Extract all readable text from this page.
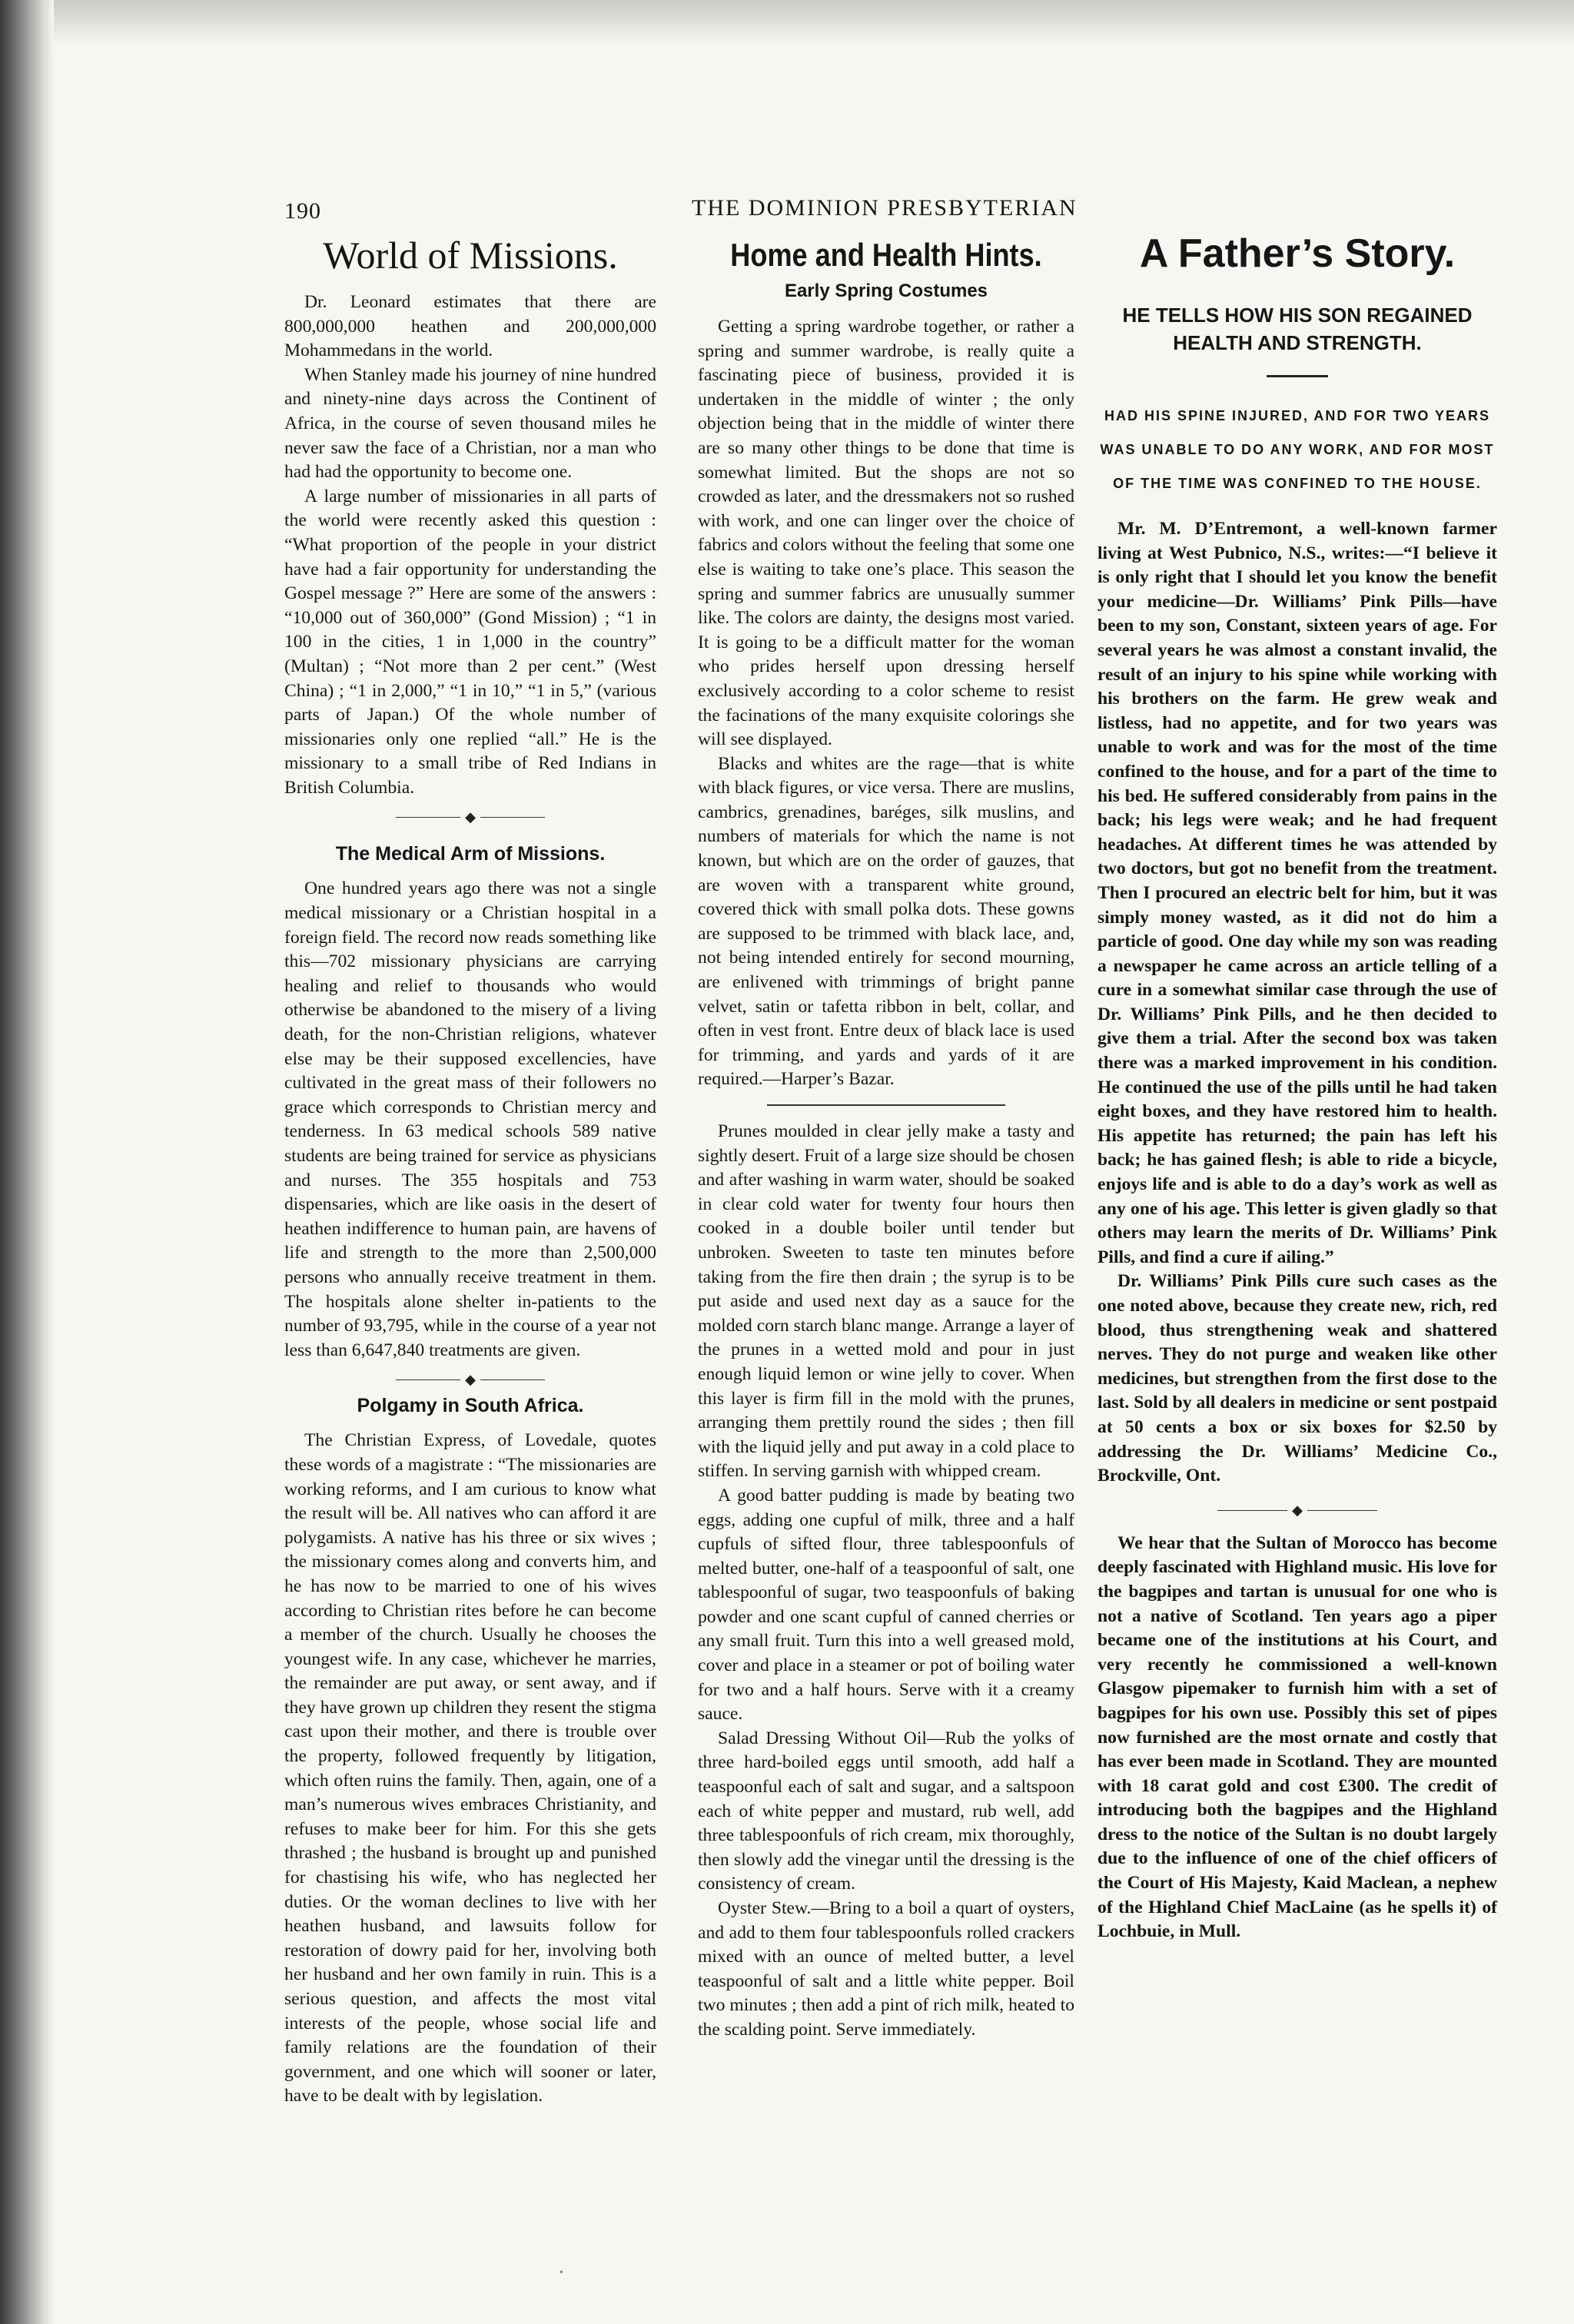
190	THE DOMINION PRESBYTERIAN
World of Missions.

Dr. Leonard estimates that there are 800,000,000 heathen and 200,000,000 Mohammedans in the world.

When Stanley made his journey of nine hundred and ninety-nine days across the Continent of Africa, in the course of seven thousand miles he never saw the face of a Christian, nor a man who had had the opportunity to become one.

A large number of missionaries in all parts of the world were recently asked this question : “What proportion of the people in your district have had a fair opportunity for understanding the Gospel message ?” Here are some of the answers : “10,000 out of 360,000” (Gond Mission) ; “1 in 100 in the cities, 1 in 1,000 in the country” (Multan) ; “Not more than 2 per cent.” (West China) ; “1 in 2,000,” “1 in 10,” “1 in 5,” (various parts of Japan.) Of the whole number of missionaries only one replied “all.” He is the missionary to a small tribe of Red Indians in British Columbia.

◆
The Medical Arm of Missions.

One hundred years ago there was not a single medical missionary or a Christian hospital in a foreign field. The record now reads something like this—702 missionary physicians are carrying healing and relief to thousands who would otherwise be abandoned to the misery of a living death, for the non-Christian religions, whatever else may be their supposed excellencies, have cultivated in the great mass of their followers no grace which corresponds to Christian mercy and tenderness. In 63 medical schools 589 native students are being trained for service as physicians and nurses. The 355 hospitals and 753 dispensaries, which are like oasis in the desert of heathen indifference to human pain, are havens of life and strength to the more than 2,500,000 persons who annually receive treatment in them. The hospitals alone shelter in-patients to the number of 93,795, while in the course of a year not less than 6,647,840 treatments are given.

◆
Polgamy in South Africa.

The Christian Express, of Lovedale, quotes these words of a magistrate : “The missionaries are working reforms, and I am curious to know what the result will be. All natives who can afford it are polygamists. A native has his three or six wives ; the missionary comes along and converts him, and he has now to be married to one of his wives according to Christian rites before he can become a member of the church. Usually he chooses the youngest wife. In any case, whichever he marries, the remainder are put away, or sent away, and if they have grown up children they resent the stigma cast upon their mother, and there is trouble over the property, followed frequently by litigation, which often ruins the family. Then, again, one of a man’s numerous wives embraces Christianity, and refuses to make beer for him. For this she gets thrashed ; the husband is brought up and punished for chastising his wife, who has neglected her duties. Or the woman declines to live with her heathen husband, and lawsuits follow for restoration of dowry paid for her, involving both her husband and her own family in ruin. This is a serious question, and affects the most vital interests of the people, whose social life and family relations are the foundation of their government, and one which will sooner or later, have to be dealt with by legislation.

Home and Health Hints.
Early Spring Costumes

Getting a spring wardrobe together, or rather a spring and summer wardrobe, is really quite a fascinating piece of business, provided it is undertaken in the middle of winter ; the only objection being that in the middle of winter there are so many other things to be done that time is somewhat limited. But the shops are not so crowded as later, and the dressmakers not so rushed with work, and one can linger over the choice of fabrics and colors without the feeling that some one else is waiting to take one’s place. This season the spring and summer fabrics are unusually summer like. The colors are dainty, the designs most varied. It is going to be a difficult matter for the woman who prides herself upon dressing herself exclusively according to a color scheme to resist the facinations of the many exquisite colorings she will see displayed.

Blacks and whites are the rage—that is white with black figures, or vice versa. There are muslins, cambrics, grenadines, baréges, silk muslins, and numbers of materials for which the name is not known, but which are on the order of gauzes, that are woven with a transparent white ground, covered thick with small polka dots. These gowns are supposed to be trimmed with black lace, and, not being intended entirely for second mourning, are enlivened with trimmings of bright panne velvet, satin or tafetta ribbon in belt, collar, and often in vest front. Entre deux of black lace is used for trimming, and yards and yards of it are required.—Harper’s Bazar.

Prunes moulded in clear jelly make a tasty and sightly desert. Fruit of a large size should be chosen and after washing in warm water, should be soaked in clear cold water for twenty four hours then cooked in a double boiler until tender but unbroken. Sweeten to taste ten minutes before taking from the fire then drain ; the syrup is to be put aside and used next day as a sauce for the molded corn starch blanc mange. Arrange a layer of the prunes in a wetted mold and pour in just enough liquid lemon or wine jelly to cover. When this layer is firm fill in the mold with the prunes, arranging them prettily round the sides ; then fill with the liquid jelly and put away in a cold place to stiffen. In serving garnish with whipped cream.

A good batter pudding is made by beating two eggs, adding one cupful of milk, three and a half cupfuls of sifted flour, three tablespoonfuls of melted butter, one-half of a teaspoonful of salt, one tablespoonful of sugar, two teaspoonfuls of baking powder and one scant cupful of canned cherries or any small fruit. Turn this into a well greased mold, cover and place in a steamer or pot of boiling water for two and a half hours. Serve with it a creamy sauce.

Salad Dressing Without Oil—Rub the yolks of three hard-boiled eggs until smooth, add half a teaspoonful each of salt and sugar, and a saltspoon each of white pepper and mustard, rub well, add three tablespoonfuls of rich cream, mix thoroughly, then slowly add the vinegar until the dressing is the consistency of cream.

Oyster Stew.—Bring to a boil a quart of oysters, and add to them four tablespoonfuls rolled crackers mixed with an ounce of melted butter, a level teaspoonful of salt and a little white pepper. Boil two minutes ; then add a pint of rich milk, heated to the scalding point. Serve immediately.

A Father’s Story.
HE TELLS HOW HIS SON REGAINED HEALTH AND STRENGTH.
HAD HIS SPINE INJURED, AND FOR TWO YEARS WAS UNABLE TO DO ANY WORK, AND FOR MOST OF THE TIME WAS CONFINED TO THE HOUSE.

Mr. M. D’Entremont, a well-known farmer living at West Pubnico, N.S., writes:—“I believe it is only right that I should let you know the benefit your medicine—Dr. Williams’ Pink Pills—have been to my son, Constant, sixteen years of age. For several years he was almost a constant invalid, the result of an injury to his spine while working with his brothers on the farm. He grew weak and listless, had no appetite, and for two years was unable to work and was for the most of the time confined to the house, and for a part of the time to his bed. He suffered considerably from pains in the back; his legs were weak; and he had frequent headaches. At different times he was attended by two doctors, but got no benefit from the treatment. Then I procured an electric belt for him, but it was simply money wasted, as it did not do him a particle of good. One day while my son was reading a newspaper he came across an article telling of a cure in a somewhat similar case through the use of Dr. Williams’ Pink Pills, and he then decided to give them a trial. After the second box was taken there was a marked improvement in his condition. He continued the use of the pills until he had taken eight boxes, and they have restored him to health. His appetite has returned; the pain has left his back; he has gained flesh; is able to ride a bicycle, enjoys life and is able to do a day’s work as well as any one of his age. This letter is given gladly so that others may learn the merits of Dr. Williams’ Pink Pills, and find a cure if ailing.”

Dr. Williams’ Pink Pills cure such cases as the one noted above, because they create new, rich, red blood, thus strengthening weak and shattered nerves. They do not purge and weaken like other medicines, but strengthen from the first dose to the last. Sold by all dealers in medicine or sent postpaid at 50 cents a box or six boxes for $2.50 by addressing the Dr. Williams’ Medicine Co., Brockville, Ont.

◆

We hear that the Sultan of Morocco has become deeply fascinated with Highland music. His love for the bagpipes and tartan is unusual for one who is not a native of Scotland. Ten years ago a piper became one of the institutions at his Court, and very recently he commissioned a well-known Glasgow pipemaker to furnish him with a set of bagpipes for his own use. Possibly this set of pipes now furnished are the most ornate and costly that has ever been made in Scotland. They are mounted with 18 carat gold and cost £300. The credit of introducing both the bagpipes and the Highland dress to the notice of the Sultan is no doubt largely due to the influence of one of the chief officers of the Court of His Majesty, Kaid Maclean, a nephew of the Highland Chief MacLaine (as he spells it) of Lochbuie, in Mull.

•
